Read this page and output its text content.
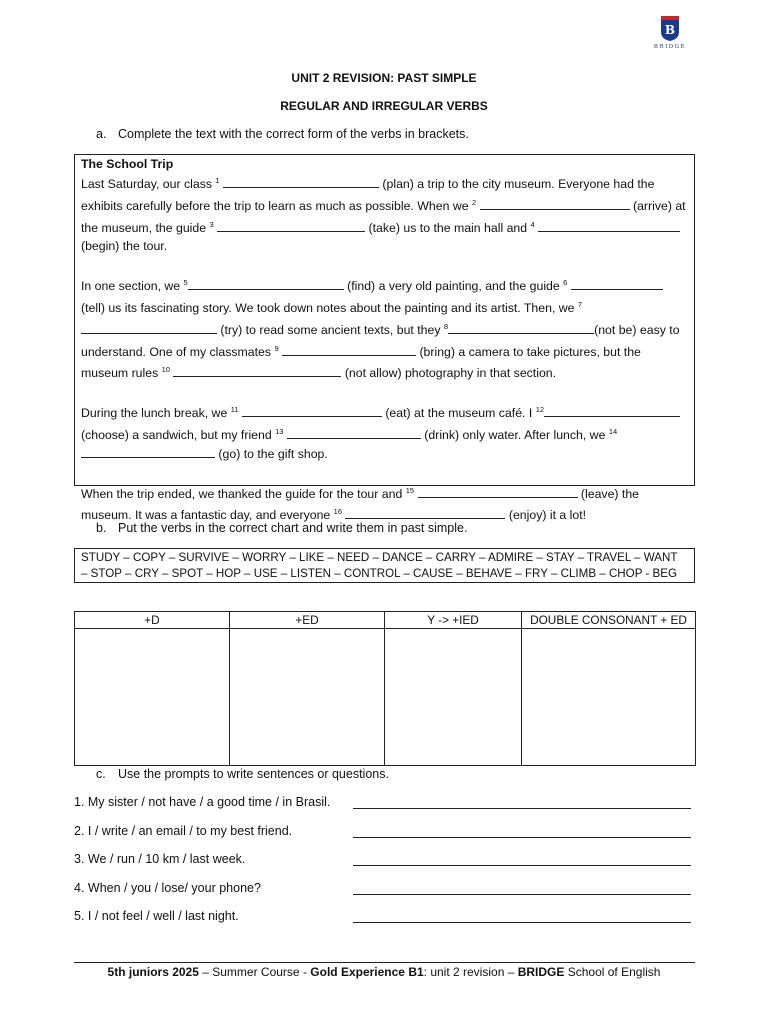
B
BRIDGE
UNIT 2 REVISION: PAST SIMPLE
REGULAR AND IRREGULAR VERBS
a. Complete the text with the correct form of the verbs in brackets.
The School Trip

Last Saturday, our class $^1$	(plan) a trip to the city museum. Everyone had the exhibits carefully before the trip to learn as much as possible. When we $^2$	(arrive) at the museum, the guide $^3$	(take) us to the main hall and $^4$  (begin) the tour.

In one section, we $^5$	(find) a very old painting, and the guide $^6$  (tell) us its fascinating story. We took down notes about the painting and its artist. Then, we $^7$ (try) to read some ancient texts, but they $^8$	(not be) easy to understand. One of my classmates $^9$	(bring) a camera to take pictures, but the museum rules $^{10}$	(not allow) photography in that section.

During the lunch break, we $^{11}$	(eat) at the museum café. I $^{12}$ (choose) a sandwich, but my friend $^{13}$	(drink) only water. After lunch, we $^{14}$ (go) to the gift shop.

When the trip ended, we thanked the guide for the tour and $^{15}$	(leave) the museum. It was a fantastic day, and everyone $^{16}$	(enjoy) it a lot!

b. Put the verbs in the correct chart and write them in past simple.
STUDY – COPY – SURVIVE – WORRY – LIKE – NEED – DANCE – CARRY – ADMIRE – STAY – TRAVEL – WANT
– STOP – CRY – SPOT – HOP – USE – LISTEN – CONTROL – CAUSE – BEHAVE – FRY – CLIMB – CHOP - BEG
+D	+ED	Y -> +IED	DOUBLE CONSONANT + ED

c. Use the prompts to write sentences or questions.
1. My sister / not have / a good time / in Brasil.
2. I / write / an email / to my best friend.
3. We / run / 10 km / last week.
4. When / you / lose/ your phone?
5. I / not feel / well / last night.
5th juniors 2025 – Summer Course - Gold Experience B1: unit 2 revision – BRIDGE School of English
